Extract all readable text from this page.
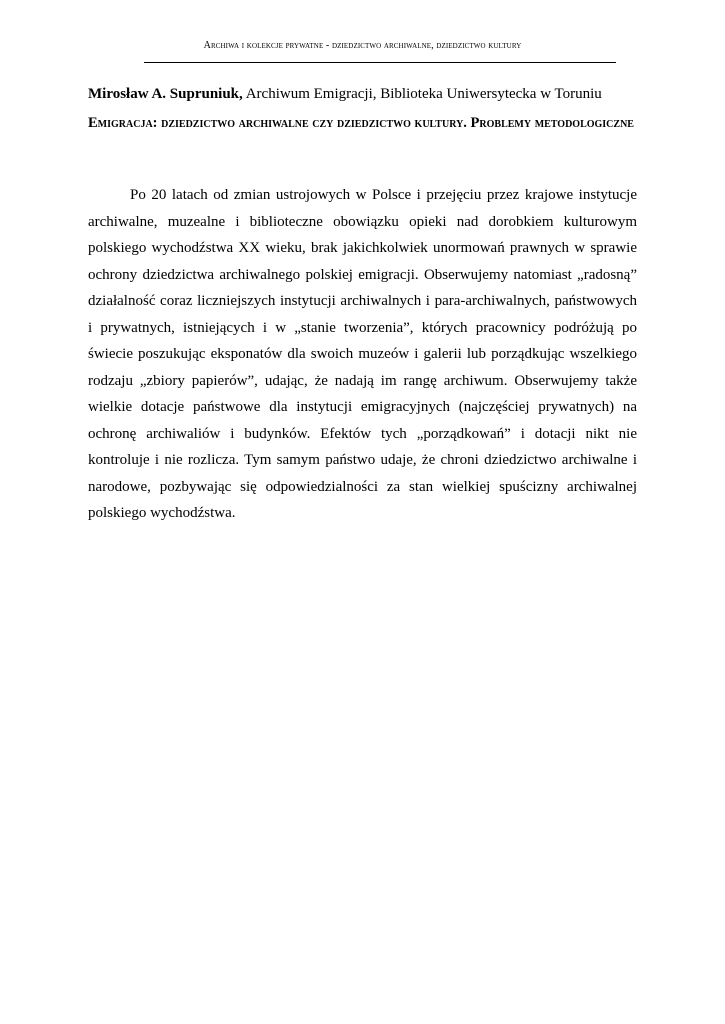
Archiwa i kolekcje prywatne - dziedzictwo archiwalne, dziedzictwo kultury
Mirosław A. Supruniuk, Archiwum Emigracji, Biblioteka Uniwersytecka w Toruniu
Emigracja: dziedzictwo archiwalne czy dziedzictwo kultury. Problemy metodologiczne

Po 20 latach od zmian ustrojowych w Polsce i przejęciu przez krajowe instytucje archiwalne, muzealne i biblioteczne obowiązku opieki nad dorobkiem kulturowym polskiego wychodźstwa XX wieku, brak jakichkolwiek unormowań prawnych w sprawie ochrony dziedzictwa archiwalnego polskiej emigracji. Obserwujemy natomiast „radosną” działalność coraz liczniejszych instytucji archiwalnych i para-archiwalnych, państwowych i prywatnych, istniejących i w „stanie tworzenia”, których pracownicy podróżują po świecie poszukując eksponatów dla swoich muzeów i galerii lub porządkując wszelkiego rodzaju „zbiory papierów”, udając, że nadają im rangę archiwum. Obserwujemy także wielkie dotacje państwowe dla instytucji emigracyjnych (najczęściej prywatnych) na ochronę archiwaliów i budynków. Efektów tych „porządkowań” i dotacji nikt nie kontroluje i nie rozlicza. Tym samym państwo udaje, że chroni dziedzictwo archiwalne i narodowe, pozbywając się odpowiedzialności za stan wielkiej spuścizny archiwalnej polskiego wychodźstwa.
